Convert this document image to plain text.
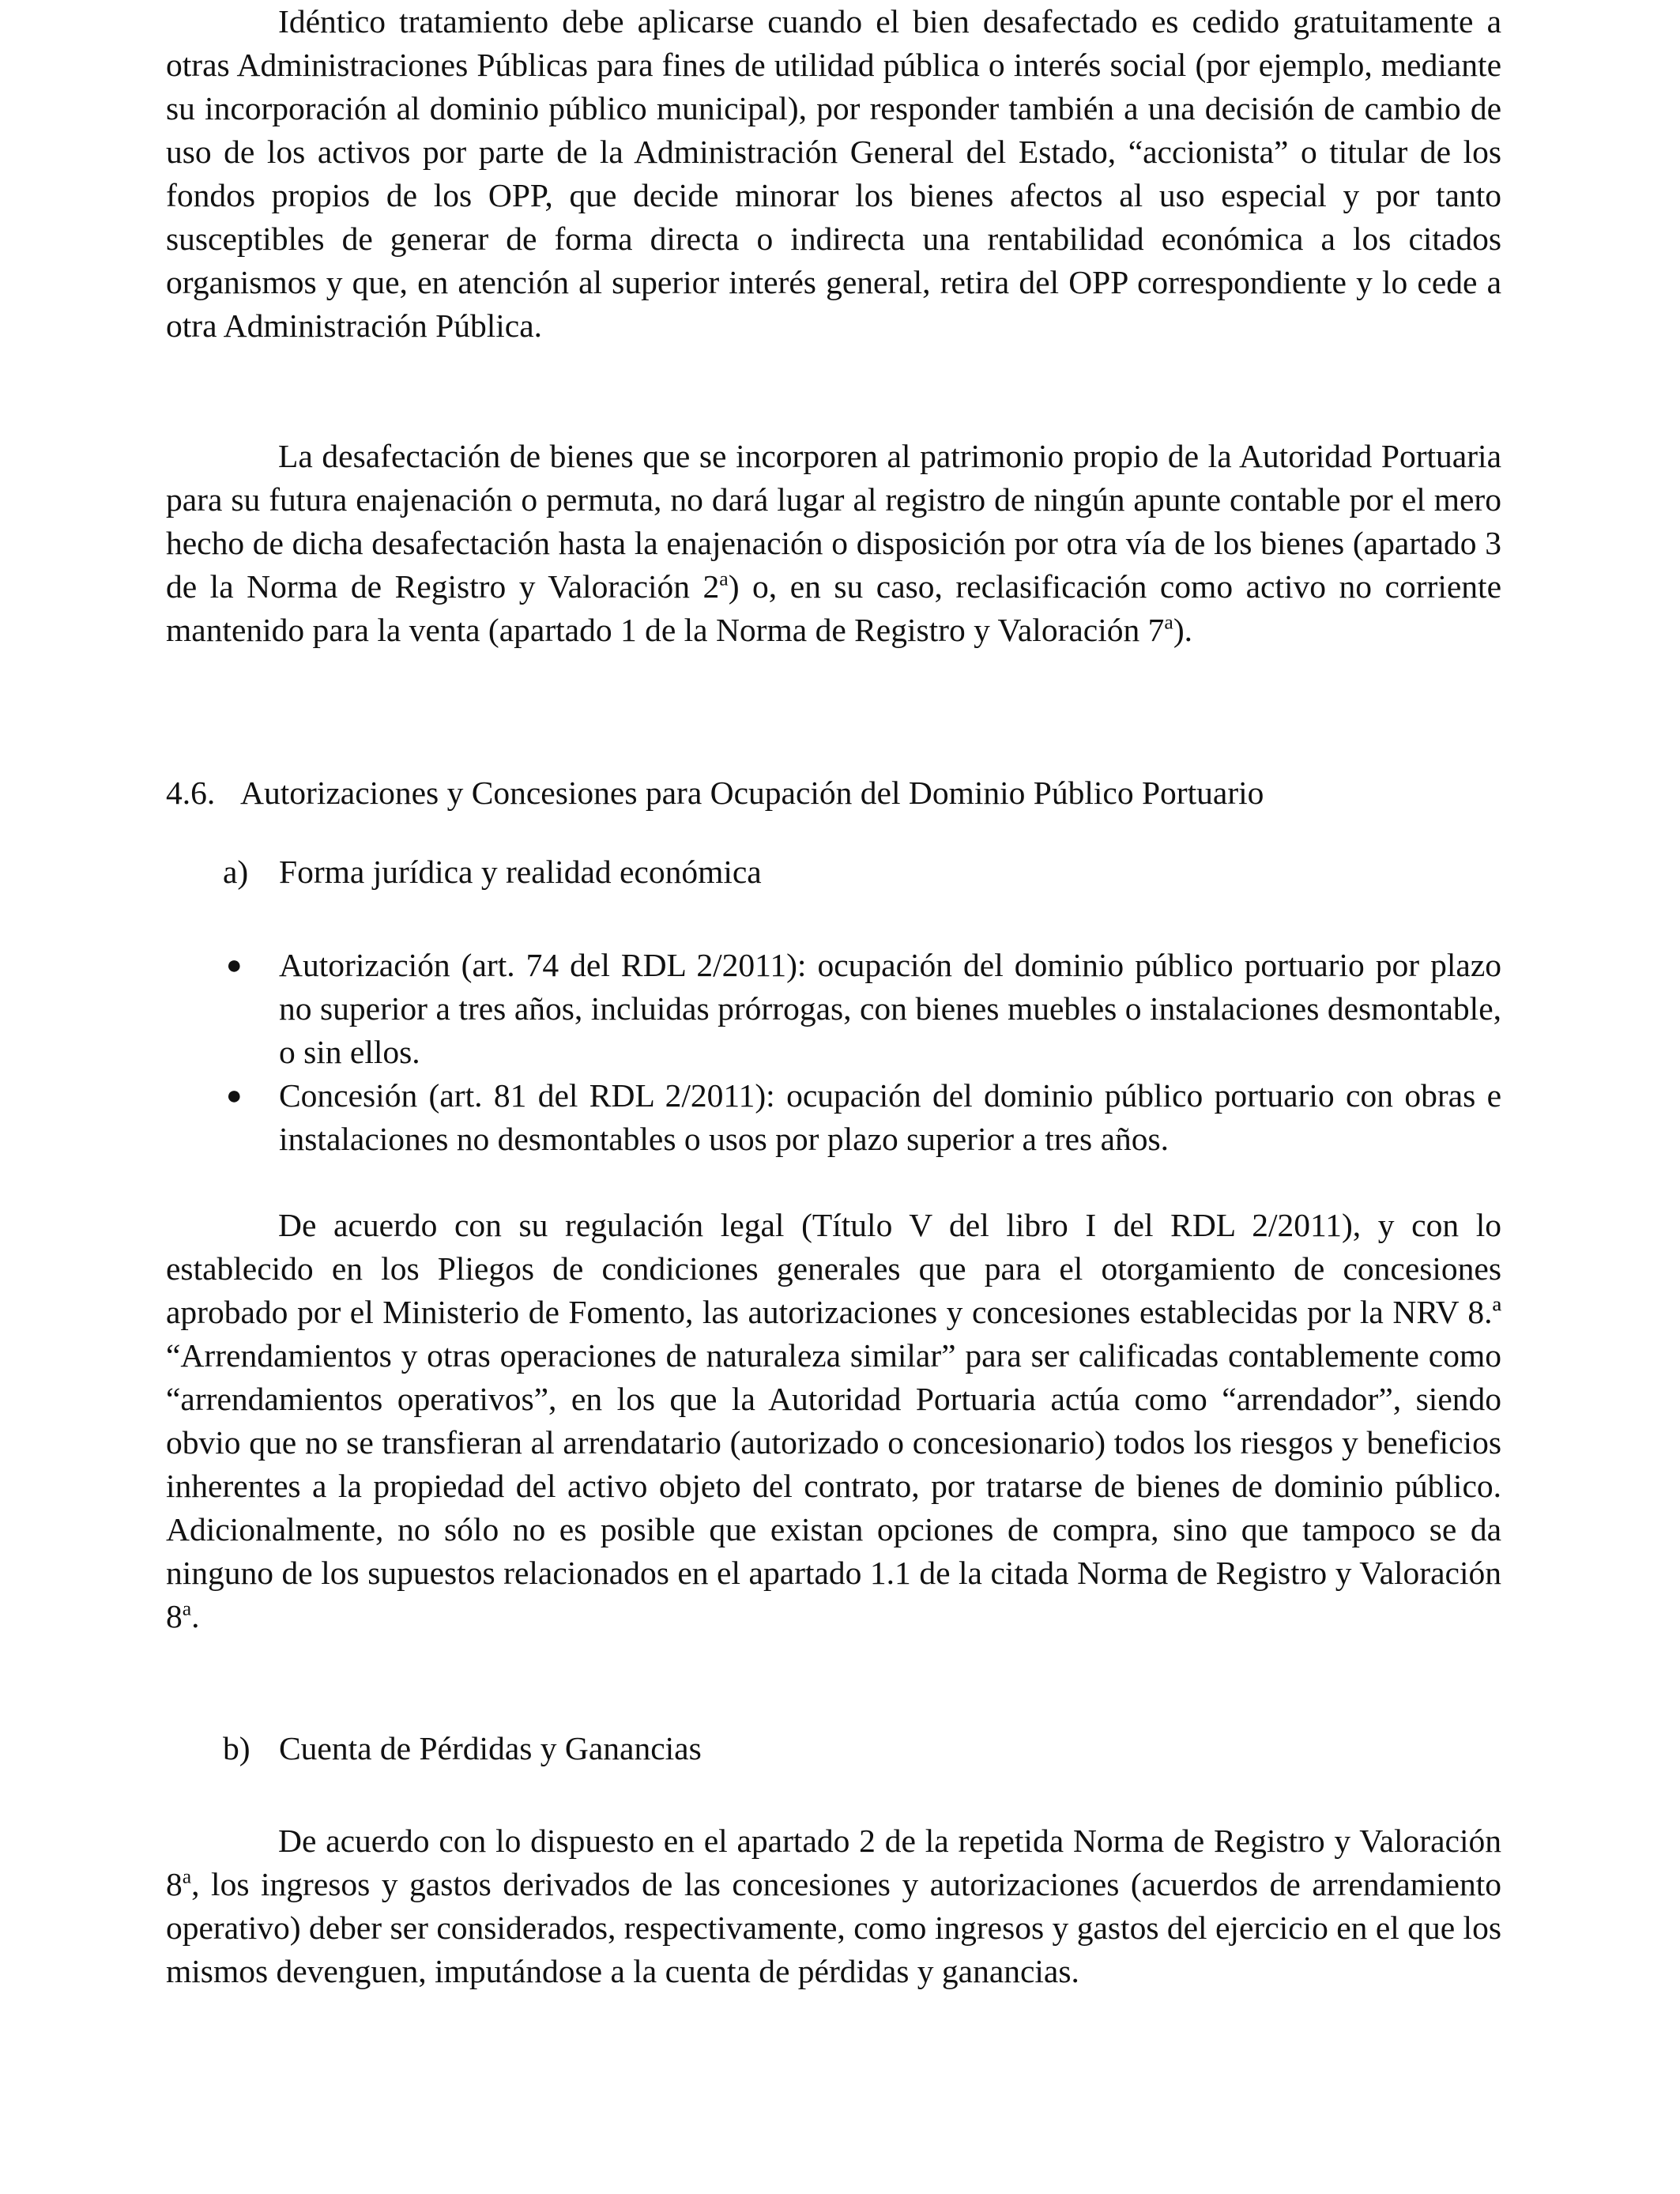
Idéntico tratamiento debe aplicarse cuando el bien desafectado es cedido gratuitamente a otras Administraciones Públicas para fines de utilidad pública o interés social (por ejemplo, mediante su incorporación al dominio público municipal), por responder también a una decisión de cambio de uso de los activos por parte de la Administración General del Estado, “accionista” o titular de los fondos propios de los OPP, que decide minorar los bienes afectos al uso especial y por tanto susceptibles de generar de forma directa o indirecta una rentabilidad económica a los citados organismos y que, en atención al superior interés general, retira del OPP correspondiente y lo cede a otra Administración Pública.

La desafectación de bienes que se incorporen al patrimonio propio de la Autoridad Portuaria para su futura enajenación o permuta, no dará lugar al registro de ningún apunte contable por el mero hecho de dicha desafectación hasta la enajenación o disposición por otra vía de los bienes (apartado 3 de la Norma de Registro y Valoración 2$^a$) o, en su caso, reclasificación como activo no corriente mantenido para la venta (apartado 1 de la Norma de Registro y Valoración 7$^a$).

4.6. Autorizaciones y Concesiones para Ocupación del Dominio Público Portuario

a) Forma jurídica y realidad económica

● Autorización (art. 74 del RDL 2/2011): ocupación del dominio público portuario por plazo no superior a tres años, incluidas prórrogas, con bienes muebles o instalaciones desmontable, o sin ellos.
● Concesión (art. 81 del RDL 2/2011): ocupación del dominio público portuario con obras e instalaciones no desmontables o usos por plazo superior a tres años.

De acuerdo con su regulación legal (Título V del libro I del RDL 2/2011), y con lo establecido en los Pliegos de condiciones generales que para el otorgamiento de concesiones aprobado por el Ministerio de Fomento, las autorizaciones y concesiones establecidas por la NRV 8.ª “Arrendamientos y otras operaciones de naturaleza similar” para ser calificadas contablemente como “arrendamientos operativos”, en los que la Autoridad Portuaria actúa como “arrendador”, siendo obvio que no se transfieran al arrendatario (autorizado o concesionario) todos los riesgos y beneficios inherentes a la propiedad del activo objeto del contrato, por tratarse de bienes de dominio público. Adicionalmente, no sólo no es posible que existan opciones de compra, sino que tampoco se da ninguno de los supuestos relacionados en el apartado 1.1 de la citada Norma de Registro y Valoración 8$^a$.

b) Cuenta de Pérdidas y Ganancias

De acuerdo con lo dispuesto en el apartado 2 de la repetida Norma de Registro y Valoración 8$^a$, los ingresos y gastos derivados de las concesiones y autorizaciones (acuerdos de arrendamiento operativo) deber ser considerados, respectivamente, como ingresos y gastos del ejercicio en el que los mismos devenguen, imputándose a la cuenta de pérdidas y ganancias.
